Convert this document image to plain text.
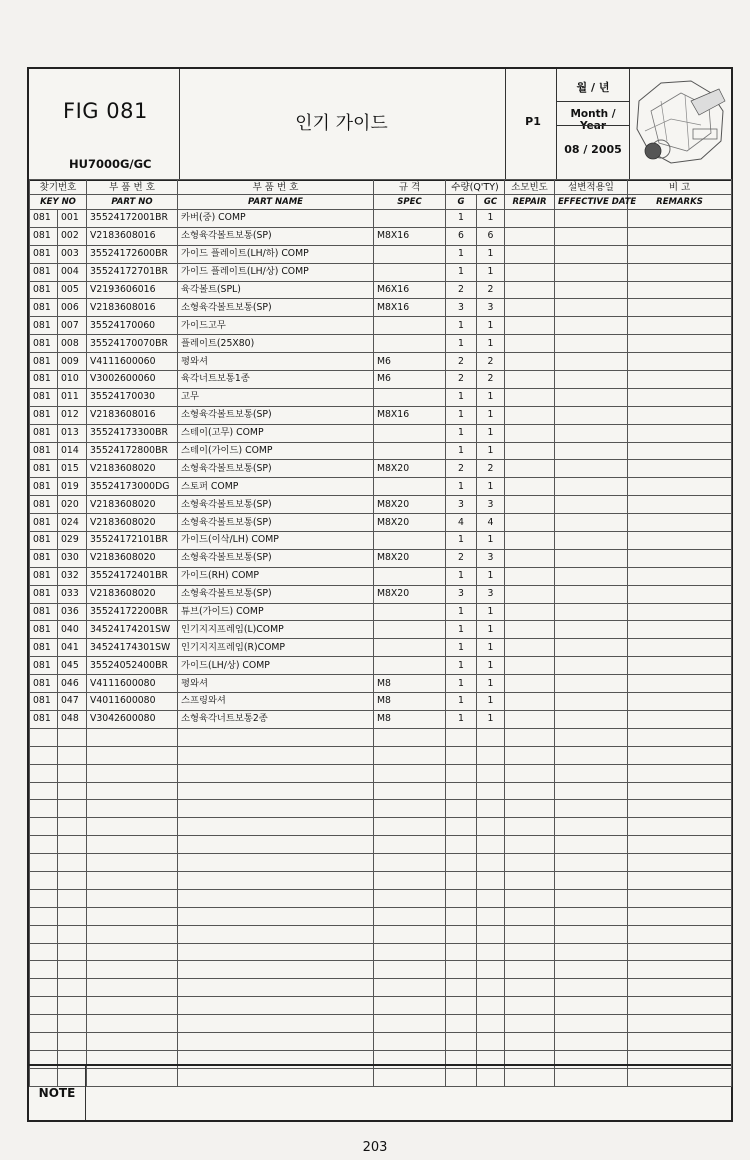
FIG 081
HU7000G/GC
인기 가이드	P1
월 / 년
Month / Year
08 / 2005
찾기번호		부 품 번 호	부 품 번 호	규 격	수량(Q'TY)		소모빈도	설변적용일	비 고
KEY NO		PART NO	PART NAME	SPEC	G	GC	REPAIR	EFFECTIVE DATE	REMARKS
081	001	35524172001BR	카버(중) COMP		1	1			
081	002	V2183608016	소형육각볼트보통(SP)	M8X16	6	6			
081	003	35524172600BR	가이드 플레이트(LH/하) COMP		1	1			
081	004	35524172701BR	가이드 플레이트(LH/상) COMP		1	1			
081	005	V2193606016	육각볼트(SPL)	M6X16	2	2			
081	006	V2183608016	소형육각볼트보통(SP)	M8X16	3	3			
081	007	35524170060	가이드고무		1	1			
081	008	35524170070BR	플레이트(25X80)		1	1			
081	009	V4111600060	평와셔	M6	2	2			
081	010	V3002600060	육각너트보통1종	M6	2	2			
081	011	35524170030	고무		1	1			
081	012	V2183608016	소형육각볼트보통(SP)	M8X16	1	1			
081	013	35524173300BR	스테이(고무) COMP		1	1			
081	014	35524172800BR	스테이(가이드) COMP		1	1			
081	015	V2183608020	소형육각볼트보통(SP)	M8X20	2	2			
081	019	35524173000DG	스토퍼 COMP		1	1			
081	020	V2183608020	소형육각볼트보통(SP)	M8X20	3	3			
081	024	V2183608020	소형육각볼트보통(SP)	M8X20	4	4			
081	029	35524172101BR	가이드(이삭/LH) COMP		1	1			
081	030	V2183608020	소형육각볼트보통(SP)	M8X20	2	3			
081	032	35524172401BR	가이드(RH) COMP		1	1			
081	033	V2183608020	소형육각볼트보통(SP)	M8X20	3	3			
081	036	35524172200BR	튜브(가이드) COMP		1	1			
081	040	34524174201SW	인기지지프레임(L)COMP		1	1			
081	041	34524174301SW	인기지지프레임(R)COMP		1	1			
081	045	35524052400BR	가이드(LH/상) COMP		1	1			
081	046	V4111600080	평와셔	M8	1	1			
081	047	V4011600080	스프링와셔	M8	1	1			
081	048	V3042600080	소형육각너트보통2종	M8	1	1			

NOTE
203
